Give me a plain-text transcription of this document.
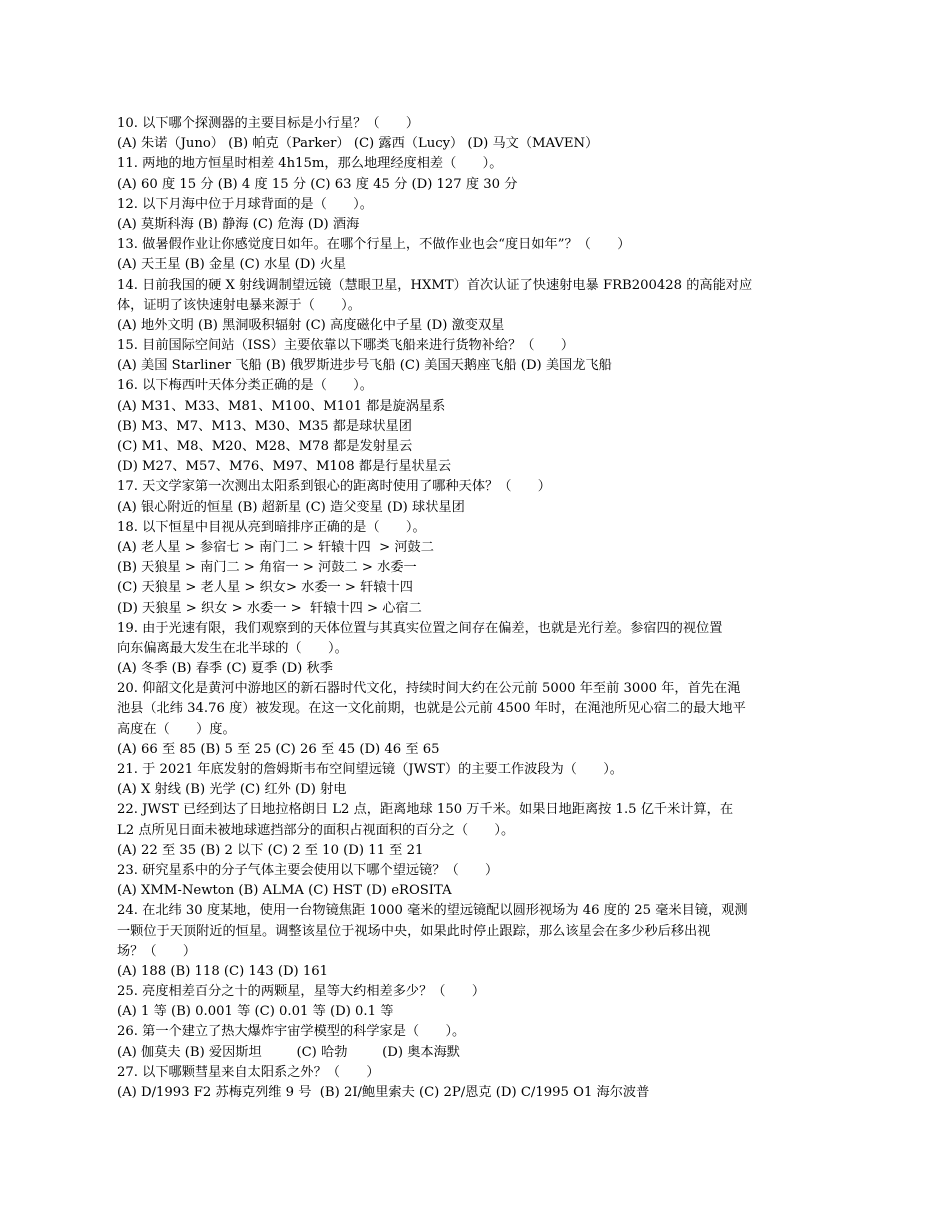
10. 以下哪个探测器的主要目标是小行星？（　　）
(A) 朱诺（Juno） (B) 帕克（Parker） (C) 露西（Lucy） (D) 马文（MAVEN）
11. 两地的地方恒星时相差 4h15m，那么地理经度相差（　　）。
(A) 60 度 15 分 (B) 4 度 15 分 (C) 63 度 45 分 (D) 127 度 30 分
12. 以下月海中位于月球背面的是（　　）。
(A) 莫斯科海 (B) 静海 (C) 危海 (D) 酒海
13. 做暑假作业让你感觉度日如年。在哪个行星上，不做作业也会“度日如年”？（　　）
(A) 天王星 (B) 金星 (C) 水星 (D) 火星
14. 日前我国的硬 X 射线调制望远镜（慧眼卫星，HXMT）首次认证了快速射电暴 FRB200428 的高能对应
体，证明了该快速射电暴来源于（　　）。
(A) 地外文明 (B) 黑洞吸积辐射 (C) 高度磁化中子星 (D) 激变双星
15. 目前国际空间站（ISS）主要依靠以下哪类飞船来进行货物补给？（　　）
(A) 美国 Starliner 飞船 (B) 俄罗斯进步号飞船 (C) 美国天鹅座飞船 (D) 美国龙飞船
16. 以下梅西叶天体分类正确的是（　　）。
(A) M31、M33、M81、M100、M101 都是旋涡星系
(B) M3、M7、M13、M30、M35 都是球状星团
(C) M1、M8、M20、M28、M78 都是发射星云
(D) M27、M57、M76、M97、M108 都是行星状星云
17. 天文学家第一次测出太阳系到银心的距离时使用了哪种天体？（　　）
(A) 银心附近的恒星 (B) 超新星 (C) 造父变星 (D) 球状星团
18. 以下恒星中目视从亮到暗排序正确的是（　　）。
(A) 老人星 > 参宿七 > 南门二 > 轩辕十四  > 河鼓二
(B) 天狼星 > 南门二 > 角宿一 > 河鼓二 > 水委一
(C) 天狼星 > 老人星 > 织女> 水委一 > 轩辕十四
(D) 天狼星 > 织女 > 水委一 >  轩辕十四 > 心宿二
19. 由于光速有限，我们观察到的天体位置与其真实位置之间存在偏差，也就是光行差。参宿四的视位置
向东偏离最大发生在北半球的（　　）。
(A) 冬季 (B) 春季 (C) 夏季 (D) 秋季
20. 仰韶文化是黄河中游地区的新石器时代文化，持续时间大约在公元前 5000 年至前 3000 年，首先在渑
池县（北纬 34.76 度）被发现。在这一文化前期，也就是公元前 4500 年时，在渑池所见心宿二的最大地平
高度在（　　）度。
(A) 66 至 85 (B) 5 至 25 (C) 26 至 45 (D) 46 至 65
21. 于 2021 年底发射的詹姆斯韦布空间望远镜（JWST）的主要工作波段为（　　）。
(A) X 射线 (B) 光学 (C) 红外 (D) 射电
22. JWST 已经到达了日地拉格朗日 L2 点，距离地球 150 万千米。如果日地距离按 1.5 亿千米计算，在
L2 点所见日面未被地球遮挡部分的面积占视面积的百分之（　　）。
(A) 22 至 35 (B) 2 以下 (C) 2 至 10 (D) 11 至 21
23. 研究星系中的分子气体主要会使用以下哪个望远镜？（　　）
(A) XMM-Newton (B) ALMA (C) HST (D) eROSITA
24. 在北纬 30 度某地，使用一台物镜焦距 1000 毫米的望远镜配以圆形视场为 46 度的 25 毫米目镜，观测
一颗位于天顶附近的恒星。调整该星位于视场中央，如果此时停止跟踪，那么该星会在多少秒后移出视
场？（　　）
(A) 188 (B) 118 (C) 143 (D) 161
25. 亮度相差百分之十的两颗星，星等大约相差多少？（　　）
(A) 1 等 (B) 0.001 等 (C) 0.01 等 (D) 0.1 等
26. 第一个建立了热大爆炸宇宙学模型的科学家是（　　）。
(A) 伽莫夫 (B) 爱因斯坦 　　 (C) 哈勃 　　 (D) 奥本海默
27. 以下哪颗彗星来自太阳系之外？（　　）
(A) D/1993 F2 苏梅克列维 9 号  (B) 2I/鲍里索夫 (C) 2P/恩克 (D) C/1995 O1 海尔波普
